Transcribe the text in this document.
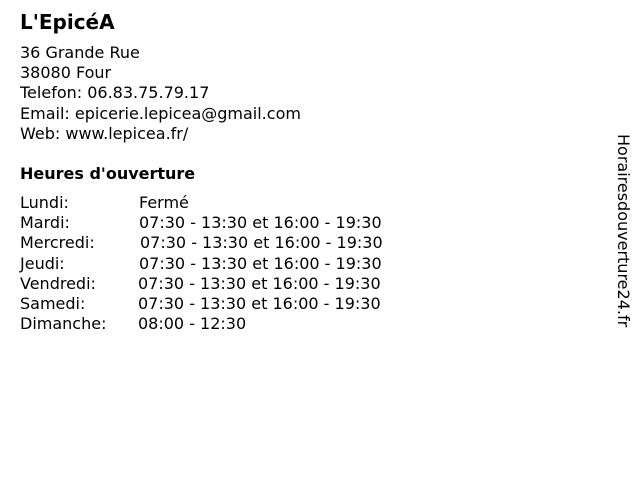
L'EpicéA
36 Grande Rue
38080 Four
Telefon: 06.83.75.79.17
Email: epicerie.lepicea@gmail.com
Web: www.lepicea.fr/
Heures d'ouverture
Lundi:	Fermé
Mardi:	07:30 - 13:30 et 16:00 - 19:30
Mercredi:	07:30 - 13:30 et 16:00 - 19:30
Jeudi:	07:30 - 13:30 et 16:00 - 19:30
Vendredi:	07:30 - 13:30 et 16:00 - 19:30
Samedi:	07:30 - 13:30 et 16:00 - 19:30
Dimanche: 08:00 - 12:30	Horairesdouverture24.fr
